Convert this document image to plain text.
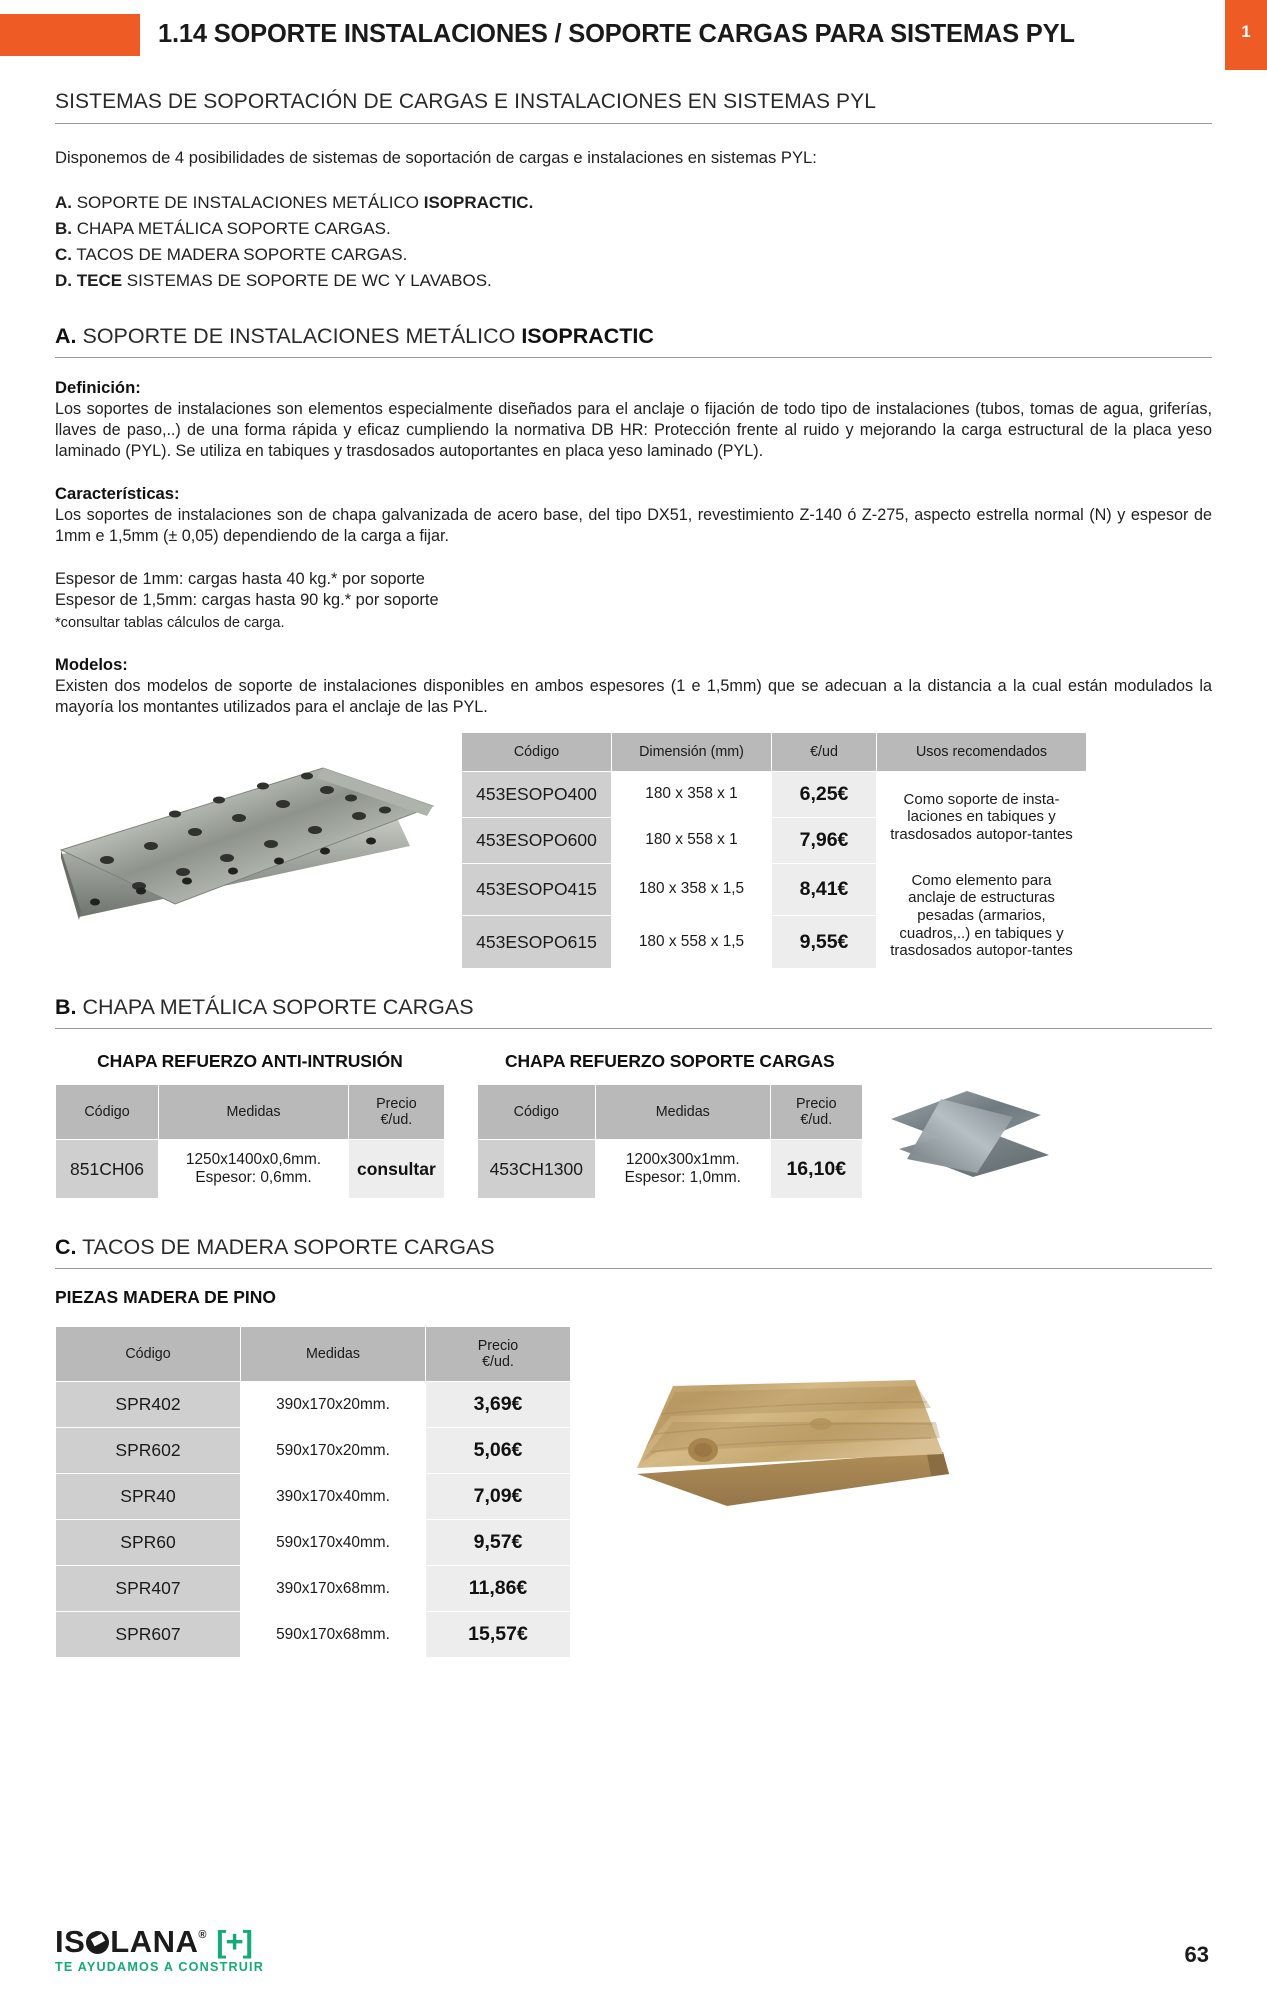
1.14 SOPORTE INSTALACIONES / SOPORTE CARGAS PARA SISTEMAS PYL	1
SISTEMAS DE SOPORTACIÓN DE CARGAS E INSTALACIONES EN SISTEMAS PYL
Disponemos de 4 posibilidades de sistemas de soportación de cargas e instalaciones en sistemas PYL:
A. SOPORTE DE INSTALACIONES METÁLICO ISOPRACTIC.
B. CHAPA METÁLICA SOPORTE CARGAS.
C. TACOS DE MADERA SOPORTE CARGAS.
D. TECE SISTEMAS DE SOPORTE DE WC Y LAVABOS.
A. SOPORTE DE INSTALACIONES METÁLICO ISOPRACTIC
Definición:
Los soportes de instalaciones son elementos especialmente diseñados para el anclaje o fijación de todo tipo de instalaciones (tubos, tomas de agua, griferías, llaves de paso,..) de una forma rápida y eficaz cumpliendo la normativa DB HR: Protección frente al ruido y mejorando la carga estructural de la placa yeso laminado (PYL). Se utiliza en tabiques y trasdosados autoportantes en placa yeso laminado (PYL).
Características:
Los soportes de instalaciones son de chapa galvanizada de acero base, del tipo DX51, revestimiento Z-140 ó Z-275, aspecto estrella normal (N) y espesor de 1mm e 1,5mm (± 0,05) dependiendo de la carga a fijar.
Espesor de 1mm: cargas hasta 40 kg.* por soporte
Espesor de 1,5mm: cargas hasta 90 kg.* por soporte
*consultar tablas cálculos de carga.
Modelos:
Existen dos modelos de soporte de instalaciones disponibles en ambos espesores (1 e 1,5mm) que se adecuan a la distancia a la cual están modulados la mayoría los montantes utilizados para el anclaje de las PYL.
Código	Dimensión (mm)	€/ud	Usos recomendados
453ESOPO400	180 x 358 x 1	6,25€	Como soporte de insta-laciones en tabiques y trasdosados autopor-tantes
453ESOPO600	180 x 558 x 1	7,96€	
453ESOPO415	180 x 358 x 1,5	8,41€	Como elemento para anclaje de estructuras pesadas (armarios, cuadros,..) en tabiques y trasdosados autopor-tantes
453ESOPO615	180 x 558 x 1,5	9,55€	
B. CHAPA METÁLICA SOPORTE CARGAS
CHAPA REFUERZO ANTI-INTRUSIÓN
Código	Medidas	Precio
€/ud.
851CH06	1250x1400x0,6mm.
Espesor: 0,6mm.	consultar
CHAPA REFUERZO SOPORTE CARGAS
Código	Medidas	Precio
€/ud.
453CH1300	1200x300x1mm.
Espesor: 1,0mm.	16,10€
C. TACOS DE MADERA SOPORTE CARGAS
PIEZAS MADERA DE PINO
Código	Medidas	Precio
€/ud.
SPR402	390x170x20mm.	3,69€
SPR602	590x170x20mm.	5,06€
SPR40	390x170x40mm.	7,09€
SPR60	590x170x40mm.	9,57€
SPR407	390x170x68mm.	11,86€
SPR607	590x170x68mm.	15,57€
IS LANA® [+]
TE AYUDAMOS A CONSTRUIR	63
